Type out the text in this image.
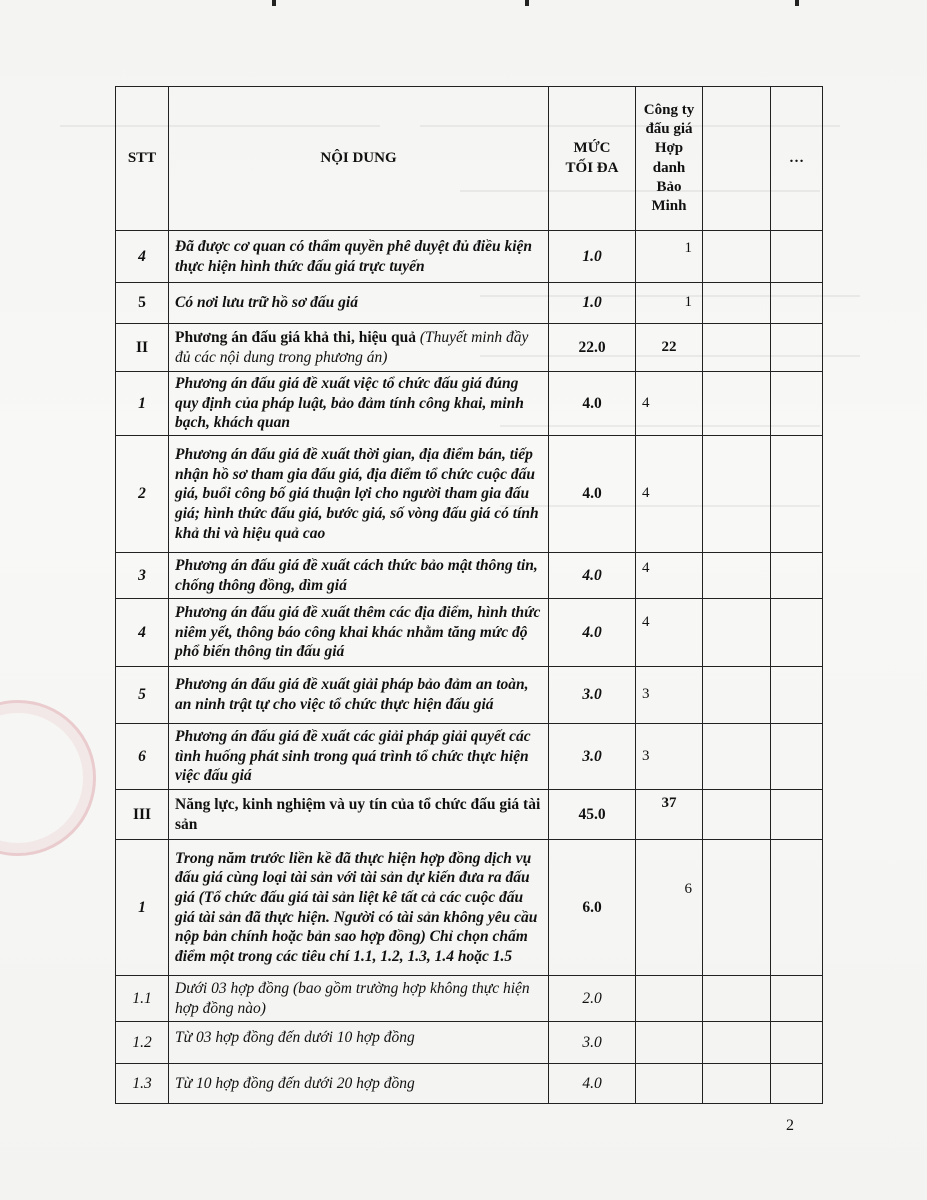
STT	NỘI DUNG	MỨC TỐI ĐA	Công ty đấu giá Hợp danh Bảo Minh		…
4	Đã được cơ quan có thẩm quyền phê duyệt đủ điều kiện thực hiện hình thức đấu giá trực tuyến	1.0	1		
5	Có nơi lưu trữ hồ sơ đấu giá	1.0	1		
II	Phương án đấu giá khả thi, hiệu quả (Thuyết minh đầy đủ các nội dung trong phương án)	22.0	22		
1	Phương án đấu giá đề xuất việc tổ chức đấu giá đúng quy định của pháp luật, bảo đảm tính công khai, minh bạch, khách quan	4.0	4		
2	Phương án đấu giá đề xuất thời gian, địa điểm bán, tiếp nhận hồ sơ tham gia đấu giá, địa điểm tổ chức cuộc đấu giá, buổi công bố giá thuận lợi cho người tham gia đấu giá; hình thức đấu giá, bước giá, số vòng đấu giá có tính khả thi và hiệu quả cao	4.0	4		
3	Phương án đấu giá đề xuất cách thức bảo mật thông tin, chống thông đồng, dìm giá	4.0	4		
4	Phương án đấu giá đề xuất thêm các địa điểm, hình thức niêm yết, thông báo công khai khác nhằm tăng mức độ phổ biến thông tin đấu giá	4.0	4		
5	Phương án đấu giá đề xuất giải pháp bảo đảm an toàn, an ninh trật tự cho việc tổ chức thực hiện đấu giá	3.0	3		
6	Phương án đấu giá đề xuất các giải pháp giải quyết các tình huống phát sinh trong quá trình tổ chức thực hiện việc đấu giá	3.0	3		
III	Năng lực, kinh nghiệm và uy tín của tổ chức đấu giá tài sản	45.0	37		
1	Trong năm trước liền kề đã thực hiện hợp đồng dịch vụ đấu giá cùng loại tài sản với tài sản dự kiến đưa ra đấu giá (Tổ chức đấu giá tài sản liệt kê tất cả các cuộc đấu giá tài sản đã thực hiện. Người có tài sản không yêu cầu nộp bản chính hoặc bản sao hợp đồng) Chỉ chọn chấm điểm một trong các tiêu chí 1.1, 1.2, 1.3, 1.4 hoặc 1.5	6.0	6		
1.1	Dưới 03 hợp đồng (bao gồm trường hợp không thực hiện hợp đồng nào)	2.0			
1.2	Từ 03 hợp đồng đến dưới 10 hợp đồng	3.0			
1.3	Từ 10 hợp đồng đến dưới 20 hợp đồng	4.0			
2
